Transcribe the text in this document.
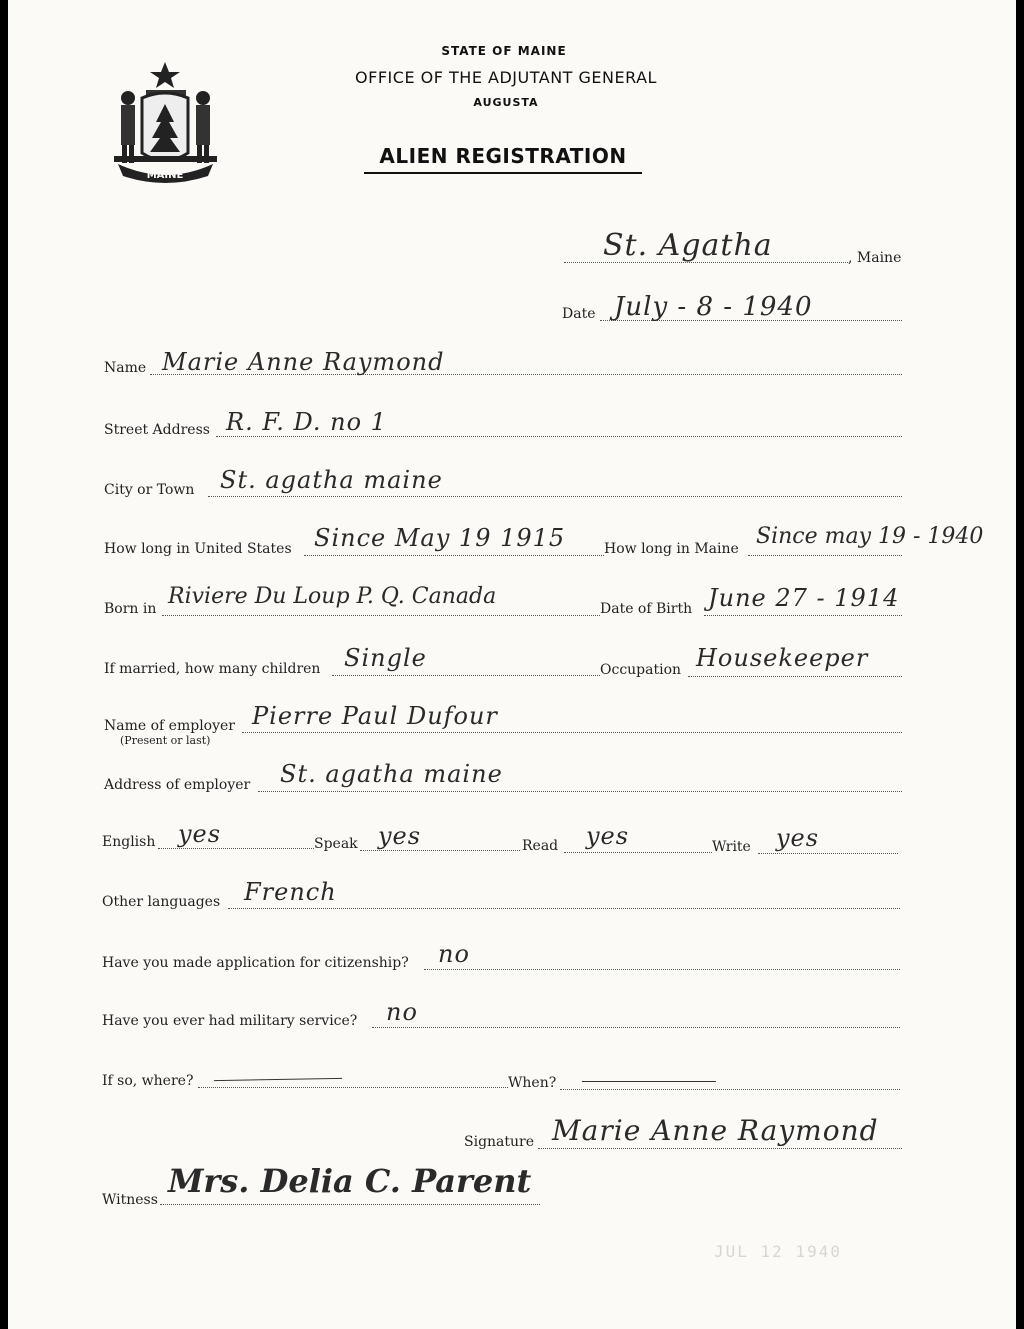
MAINE
STATE OF MAINE
OFFICE OF THE ADJUTANT GENERAL
AUGUSTA
ALIEN REGISTRATION
St. Agatha	, Maine
Date July - 8 - 1940
Name Marie Anne Raymond
Street Address R. F. D. no 1
City or Town St. agatha maine
How long in United States Since May 19 1915	How long in Maine Since may 19 - 1940
Born in Riviere Du Loup P. Q. Canada	Date of Birth June 27 - 1914
If married, how many children Single	Occupation Housekeeper
Name of employer
(Present or last)
Pierre Paul Dufour
Address of employer St. agatha maine
English yes	Speak yes	Read yes	Write yes
Other languages French
Have you made application for citizenship? no
Have you ever had military service? no
If so, where?	When?
Signature Marie Anne Raymond
Witness Mrs. Delia C. Parent
JUL 12 1940
